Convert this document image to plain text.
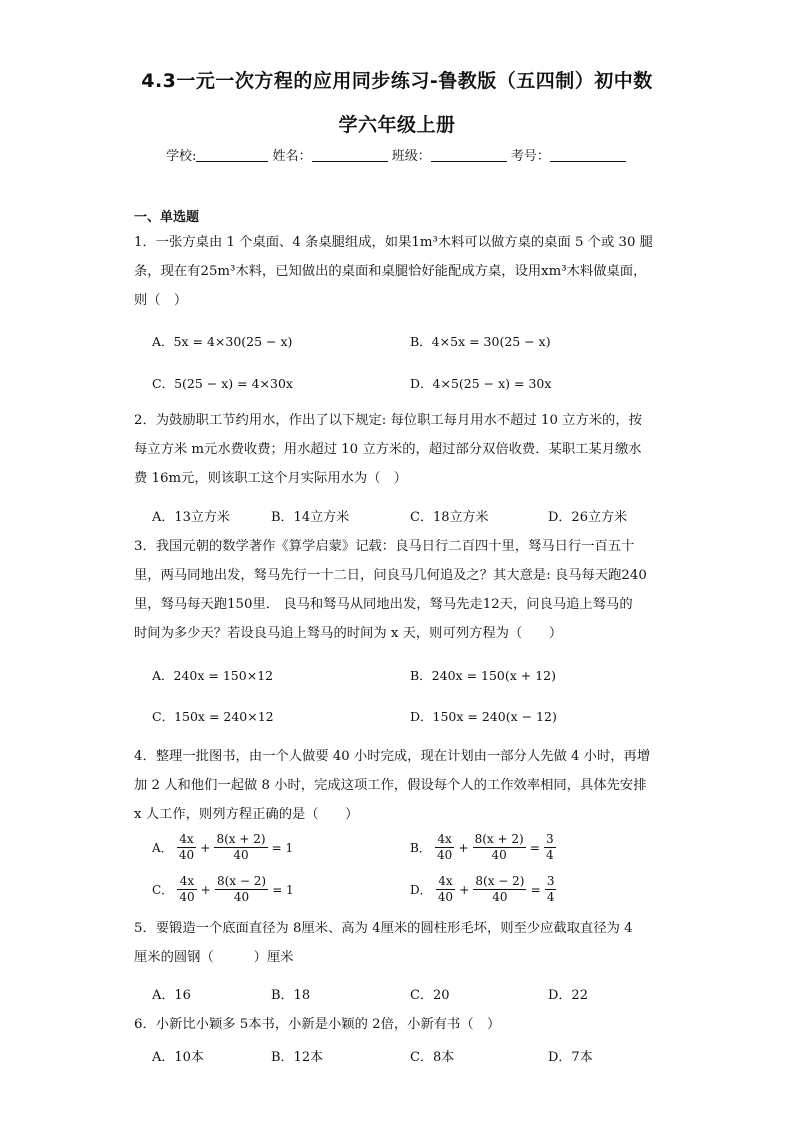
4.3一元一次方程的应用同步练习-鲁教版（五四制）初中数
学六年级上册
学校:	姓名：	班级：	考号：
一、单选题
1．一张方桌由 1 个桌面、4 条桌腿组成，如果1m³木料可以做方桌的桌面 5 个或 30 腿
条，现在有25m³木料，已知做出的桌面和桌腿恰好能配成方桌，设用xm³木料做桌面，
则（　）
A．5x = 4×30(25 − x)	B．4×5x = 30(25 − x)
C．5(25 − x) = 4×30x	D．4×5(25 − x) = 30x
2．为鼓励职工节约用水，作出了以下规定: 每位职工每月用水不超过 10 立方米的，按
每立方米 m元水费收费；用水超过 10 立方米的，超过部分双倍收费．某职工某月缴水
费 16m元，则该职工这个月实际用水为（　）
A．13立方米	B．14立方米	C．18立方米	D．26立方米
3．我国元朝的数学著作《算学启蒙》记载：良马日行二百四十里，驽马日行一百五十
里，两马同地出发，驽马先行一十二日，问良马几何追及之？其大意是: 良马每天跑240
里，驽马每天跑150里． 良马和驽马从同地出发，驽马先走12天，问良马追上驽马的
时间为多少天？若设良马追上驽马的时间为 x 天，则可列方程为（　　）
A．240x = 150×12	B．240x = 150(x + 12)
C．150x = 240×12	D．150x = 240(x − 12)
4．整理一批图书，由一个人做要 40 小时完成，现在计划由一部分人先做 4 小时，再增
加 2 人和他们一起做 8 小时，完成这项工作，假设每个人的工作效率相同，具体先安排
x 人工作，则列方程正确的是（　　）
A． $\frac{4x}{40} + \frac{8(x + 2)}{40} = 1$	B． $\frac{4x}{40} + \frac{8(x + 2)}{40} = \frac{3}{4}$
C． $\frac{4x}{40} + \frac{8(x - 2)}{40} = 1$	D． $\frac{4x}{40} + \frac{8(x - 2)}{40} = \frac{3}{4}$
5．要锻造一个底面直径为 8厘米、高为 4厘米的圆柱形毛坏，则至少应截取直径为 4
厘米的圆钢（　　　）厘米
A．16	B．18	C．20	D．22
6．小新比小颖多 5本书，小新是小颖的 2倍，小新有书（　）
A．10本	B．12本	C．8本	D．7本
